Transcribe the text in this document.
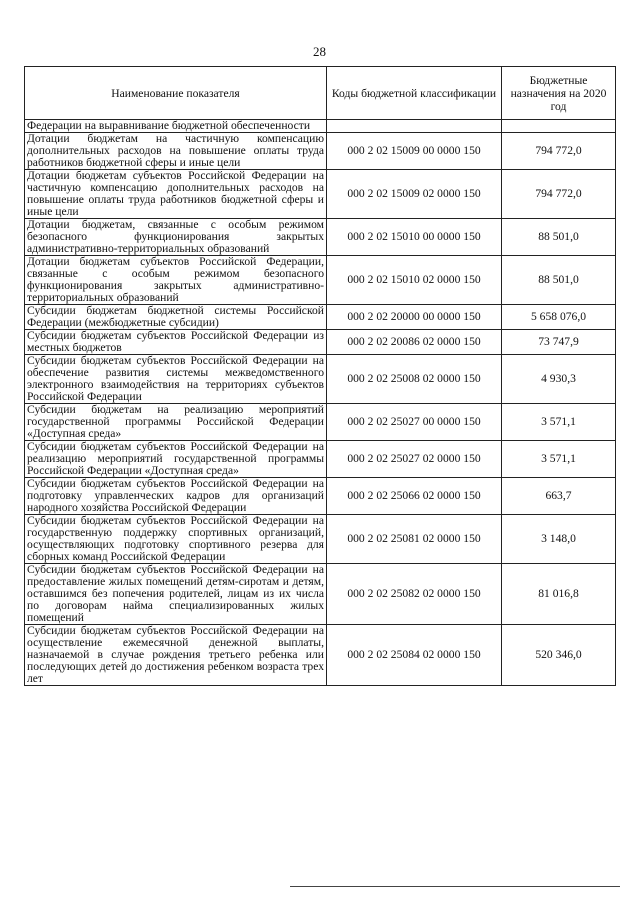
28
Наименование показателя	Коды бюджетной классификации	Бюджетные назначения на 2020 год
Федерации на выравнивание бюджетной обеспеченности		
Дотации бюджетам на частичную компенсацию дополнительных расходов на повышение оплаты труда работников бюджетной сферы и иные цели	000 2 02 15009 00 0000 150	794 772,0
Дотации бюджетам субъектов Российской Федерации на частичную компенсацию дополнительных расходов на повышение оплаты труда работников бюджетной сферы и иные цели	000 2 02 15009 02 0000 150	794 772,0
Дотации бюджетам, связанные с особым режимом безопасного функционирования закрытых административно-территориальных образований	000 2 02 15010 00 0000 150	88 501,0
Дотации бюджетам субъектов Российской Федерации, связанные с особым режимом безопасного функционирования закрытых административно-территориальных образований	000 2 02 15010 02 0000 150	88 501,0
Субсидии бюджетам бюджетной системы Российской Федерации (межбюджетные субсидии)	000 2 02 20000 00 0000 150	5 658 076,0
Субсидии бюджетам субъектов Российской Федерации из местных бюджетов	000 2 02 20086 02 0000 150	73 747,9
Субсидии бюджетам субъектов Российской Федерации на обеспечение развития системы межведомственного электронного взаимодействия на территориях субъектов Российской Федерации	000 2 02 25008 02 0000 150	4 930,3
Субсидии бюджетам на реализацию мероприятий государственной программы Российской Федерации «Доступная среда»	000 2 02 25027 00 0000 150	3 571,1
Субсидии бюджетам субъектов Российской Федерации на реализацию мероприятий государственной программы Российской Федерации «Доступная среда»	000 2 02 25027 02 0000 150	3 571,1
Субсидии бюджетам субъектов Российской Федерации на подготовку управленческих кадров для организаций народного хозяйства Российской Федерации	000 2 02 25066 02 0000 150	663,7
Субсидии бюджетам субъектов Российской Федерации на государственную поддержку спортивных организаций, осуществляющих подготовку спортивного резерва для сборных команд Российской Федерации	000 2 02 25081 02 0000 150	3 148,0
Субсидии бюджетам субъектов Российской Федерации на предоставление жилых помещений детям-сиротам и детям, оставшимся без попечения родителей, лицам из их числа по договорам найма специализированных жилых помещений	000 2 02 25082 02 0000 150	81 016,8
Субсидии бюджетам субъектов Российской Федерации на осуществление ежемесячной денежной выплаты, назначаемой в случае рождения третьего ребенка или последующих детей до достижения ребенком возраста трех лет	000 2 02 25084 02 0000 150	520 346,0
